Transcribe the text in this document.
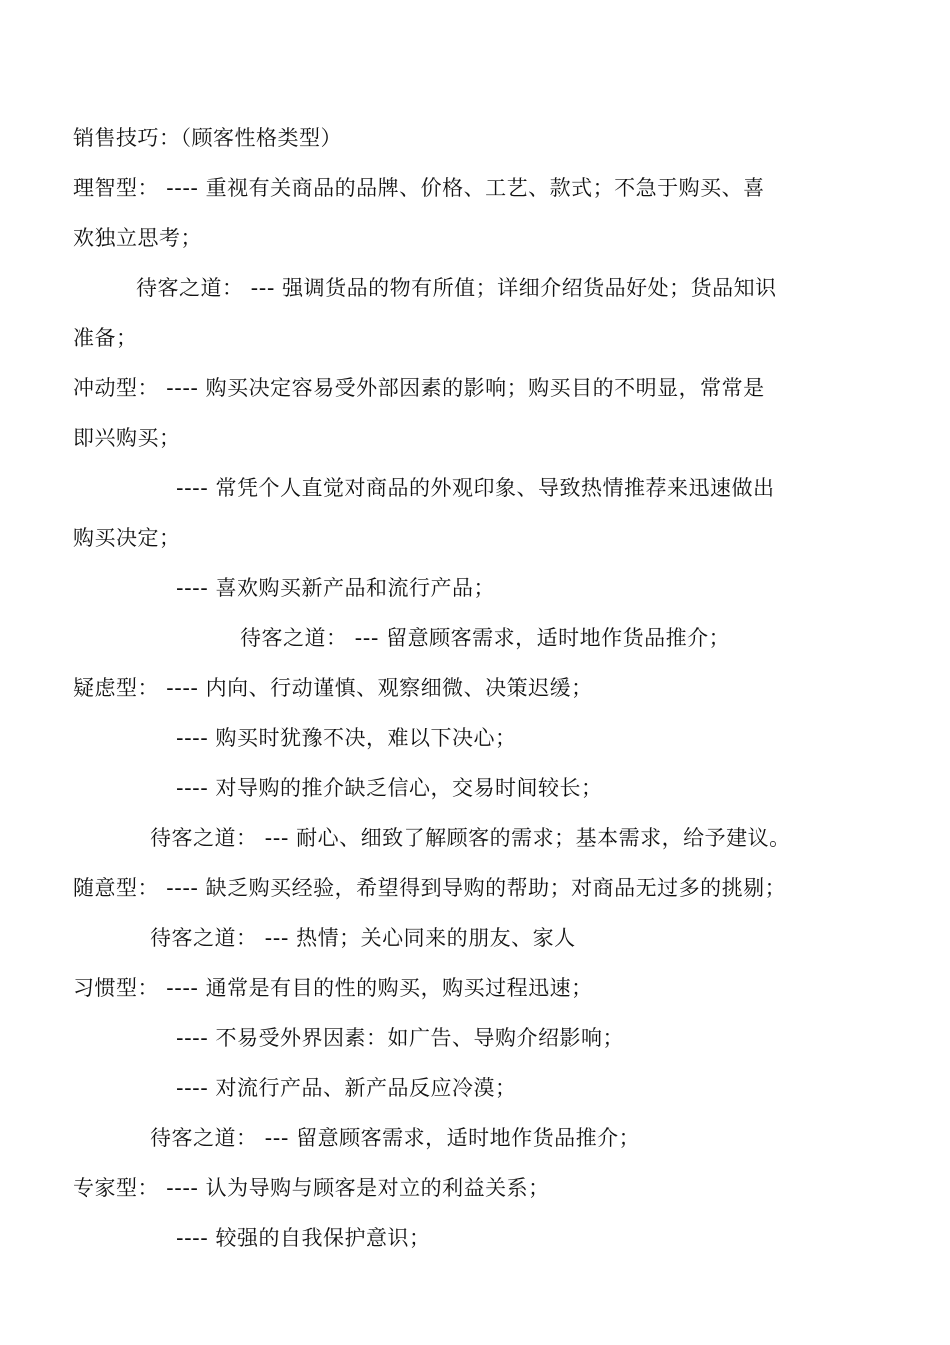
销售技巧：（顾客性格类型）
理智型： ---- 重视有关商品的品牌、价格、工艺、款式；不急于购买、喜
欢独立思考；
待客之道： --- 强调货品的物有所值；详细介绍货品好处；货品知识
准备；
冲动型： ---- 购买决定容易受外部因素的影响；购买目的不明显，常常是
即兴购买；
---- 常凭个人直觉对商品的外观印象、导致热情推荐来迅速做出
购买决定；
---- 喜欢购买新产品和流行产品；
待客之道： --- 留意顾客需求，适时地作货品推介；
疑虑型： ---- 内向、行动谨慎、观察细微、决策迟缓；
---- 购买时犹豫不决，难以下决心；
---- 对导购的推介缺乏信心，交易时间较长；
待客之道： --- 耐心、细致了解顾客的需求；基本需求，给予建议。
随意型： ---- 缺乏购买经验，希望得到导购的帮助；对商品无过多的挑剔；
待客之道： --- 热情；关心同来的朋友、家人
习惯型： ---- 通常是有目的性的购买，购买过程迅速；
---- 不易受外界因素：如广告、导购介绍影响；
---- 对流行产品、新产品反应冷漠；
待客之道： --- 留意顾客需求，适时地作货品推介；
专家型： ---- 认为导购与顾客是对立的利益关系；
---- 较强的自我保护意识；
